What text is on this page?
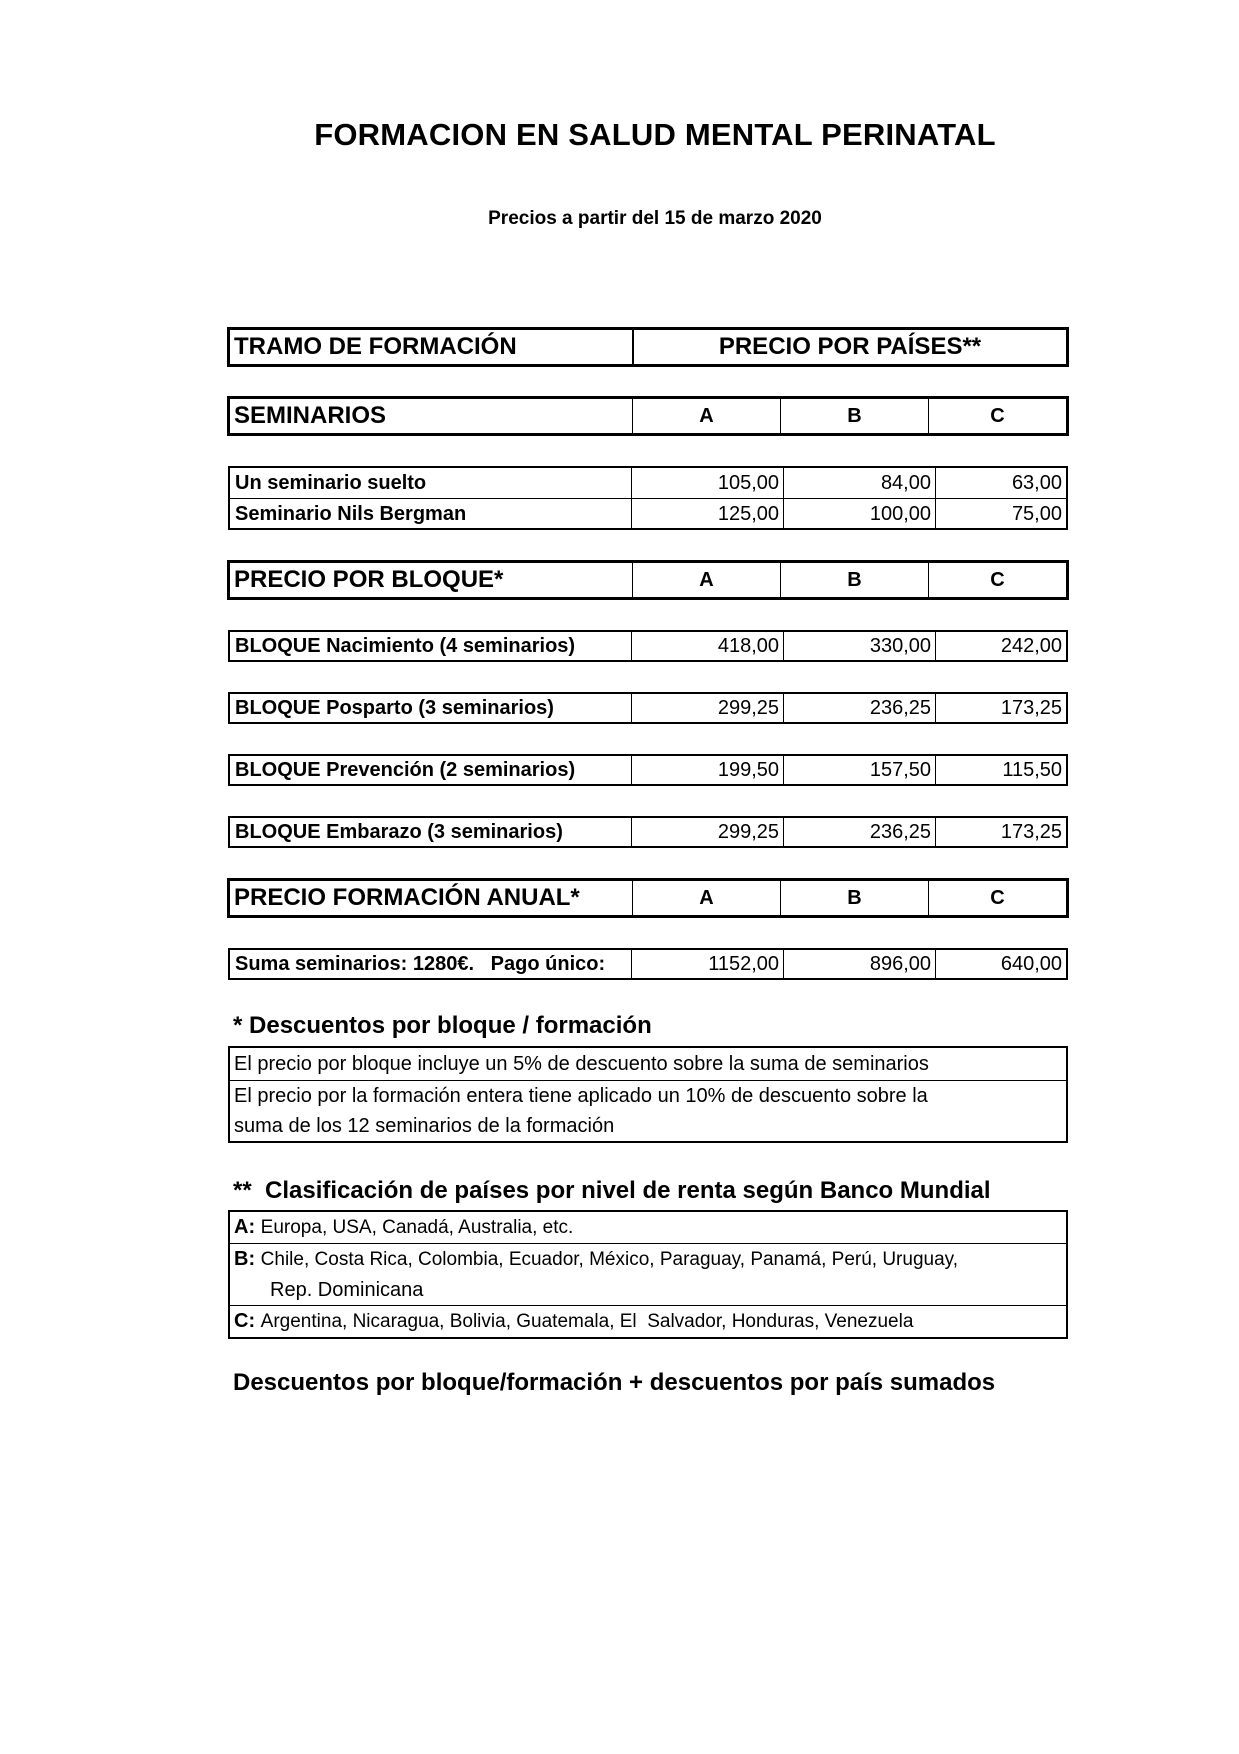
FORMACION EN SALUD MENTAL PERINATAL
Precios a partir del 15 de marzo 2020
TRAMO DE FORMACIÓN	PRECIO POR PAÍSES**
SEMINARIOS	A	B	C
Un seminario suelto	105,00	84,00	63,00
Seminario Nils Bergman	125,00	100,00	75,00
PRECIO POR BLOQUE*	A	B	C
BLOQUE Nacimiento (4 seminarios)	418,00	330,00	242,00
BLOQUE Posparto (3 seminarios)	299,25	236,25	173,25
BLOQUE Prevención (2 seminarios)	199,50	157,50	115,50
BLOQUE Embarazo (3 seminarios)	299,25	236,25	173,25
PRECIO FORMACIÓN ANUAL*	A	B	C
Suma seminarios: 1280€.   Pago único:	1152,00	896,00	640,00
* Descuentos por bloque / formación
El precio por bloque incluye un 5% de descuento sobre la suma de seminarios
El precio por la formación entera tiene aplicado un 10% de descuento sobre la
suma de los 12 seminarios de la formación
**  Clasificación de países por nivel de renta según Banco Mundial
A: Europa, USA, Canadá, Australia, etc.
B: Chile, Costa Rica, Colombia, Ecuador, México, Paraguay, Panamá, Perú, Uruguay,
Rep. Dominicana
C: Argentina, Nicaragua, Bolivia, Guatemala, El  Salvador, Honduras, Venezuela
Descuentos por bloque/formación + descuentos por país sumados
